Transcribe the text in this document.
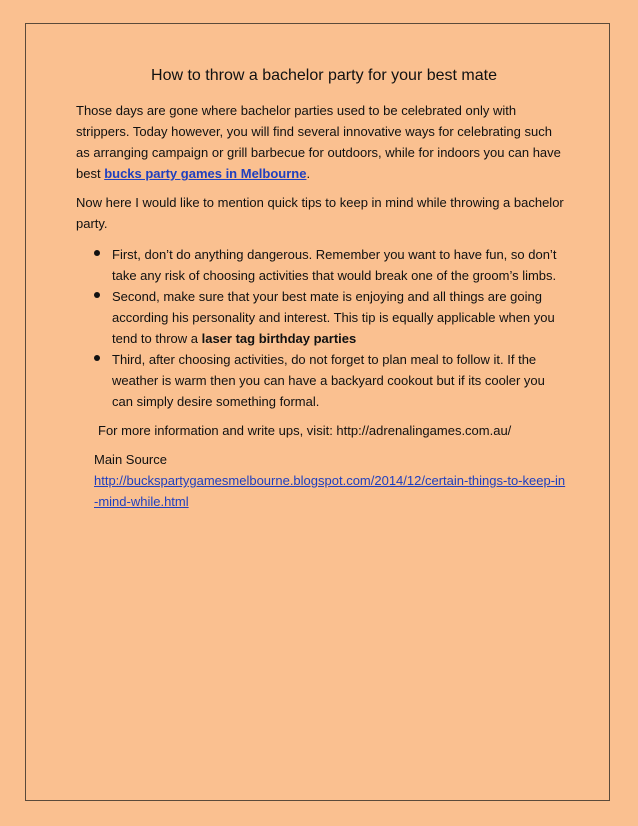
How to throw a bachelor party for your best mate

Those days are gone where bachelor parties used to be celebrated only with strippers. Today however, you will find several innovative ways for celebrating such as arranging campaign or grill barbecue for outdoors, while for indoors you can have best bucks party games in Melbourne.

Now here I would like to mention quick tips to keep in mind while throwing a bachelor party.

First, don’t do anything dangerous. Remember you want to have fun, so don’t take any risk of choosing activities that would break one of the groom’s limbs.
Second, make sure that your best mate is enjoying and all things are going according his personality and interest. This tip is equally applicable when you tend to throw a laser tag birthday parties
Third, after choosing activities, do not forget to plan meal to follow it. If the weather is warm then you can have a backyard cookout but if its cooler you can simply desire something formal.

For more information and write ups, visit: http://adrenalingames.com.au/

Main Source
http://buckspartygamesmelbourne.blogspot.com/2014/12/certain-things-to-keep-in-mind-while.html
